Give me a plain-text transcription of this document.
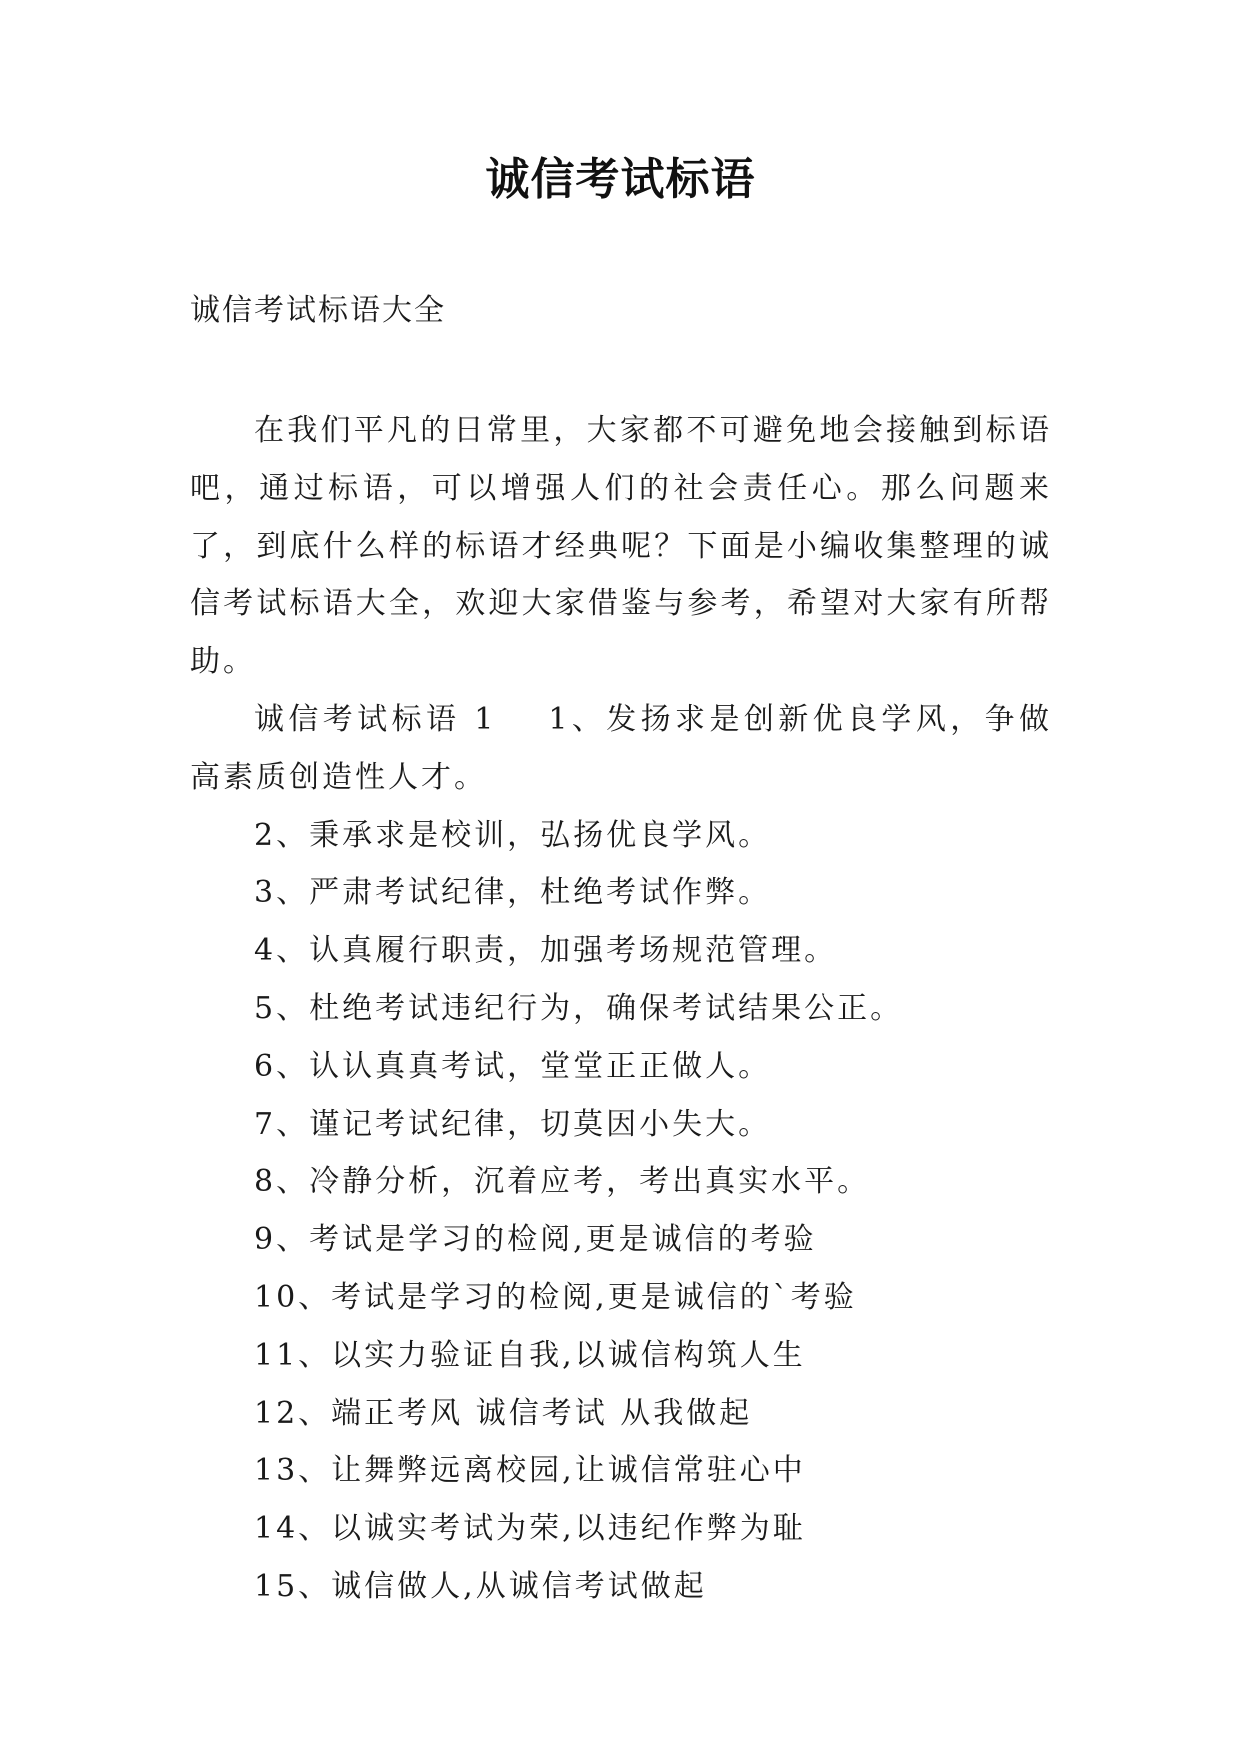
诚信考试标语
诚信考试标语大全

在我们平凡的日常里，大家都不可避免地会接触到标语吧，通过标语，可以增强人们的社会责任心。那么问题来了，到底什么样的标语才经典呢？下面是小编收集整理的诚信考试标语大全，欢迎大家借鉴与参考，希望对大家有所帮助。

诚信考试标语 1 1、发扬求是创新优良学风，争做高素质创造性人才。

2、秉承求是校训，弘扬优良学风。

3、严肃考试纪律，杜绝考试作弊。

4、认真履行职责，加强考场规范管理。

5、杜绝考试违纪行为，确保考试结果公正。

6、认认真真考试，堂堂正正做人。

7、谨记考试纪律，切莫因小失大。

8、冷静分析，沉着应考，考出真实水平。

9、考试是学习的检阅,更是诚信的考验

10、考试是学习的检阅,更是诚信的`考验

11、以实力验证自我,以诚信构筑人生

12、端正考风 诚信考试 从我做起

13、让舞弊远离校园,让诚信常驻心中

14、以诚实考试为荣,以违纪作弊为耻

15、诚信做人,从诚信考试做起
